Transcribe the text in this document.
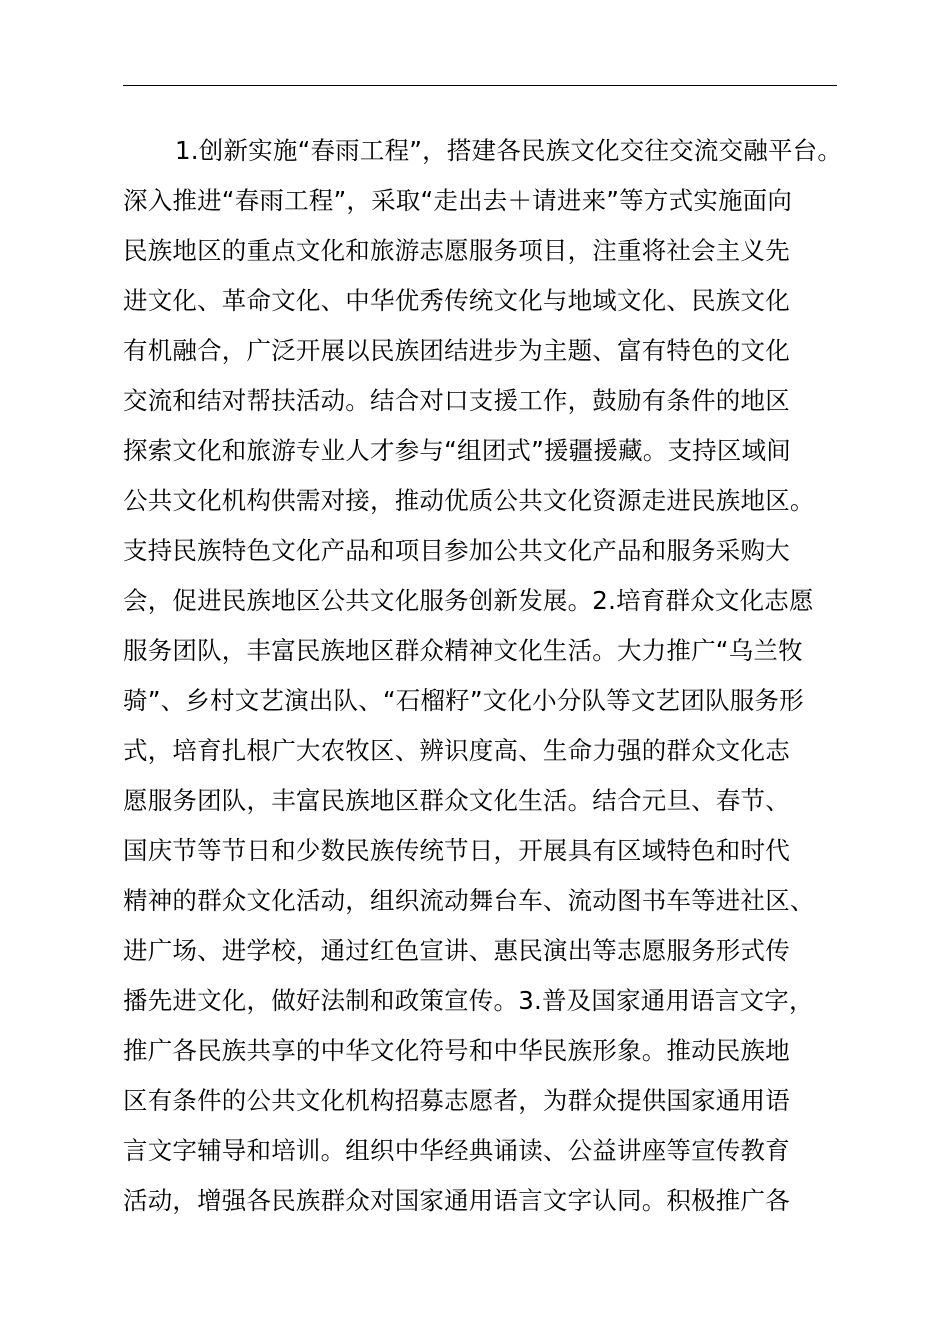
1.创新实施“春雨工程”，搭建各民族文化交往交流交融平台。
深入推进“春雨工程”，采取“走出去＋请进来”等方式实施面向
民族地区的重点文化和旅游志愿服务项目，注重将社会主义先
进文化、革命文化、中华优秀传统文化与地域文化、民族文化
有机融合，广泛开展以民族团结进步为主题、富有特色的文化
交流和结对帮扶活动。结合对口支援工作，鼓励有条件的地区
探索文化和旅游专业人才参与“组团式”援疆援藏。支持区域间
公共文化机构供需对接，推动优质公共文化资源走进民族地区。
支持民族特色文化产品和项目参加公共文化产品和服务采购大
会，促进民族地区公共文化服务创新发展。2.培育群众文化志愿
服务团队，丰富民族地区群众精神文化生活。大力推广“乌兰牧
骑”、乡村文艺演出队、“石榴籽”文化小分队等文艺团队服务形
式，培育扎根广大农牧区、辨识度高、生命力强的群众文化志
愿服务团队，丰富民族地区群众文化生活。结合元旦、春节、
国庆节等节日和少数民族传统节日，开展具有区域特色和时代
精神的群众文化活动，组织流动舞台车、流动图书车等进社区、
进广场、进学校，通过红色宣讲、惠民演出等志愿服务形式传
播先进文化，做好法制和政策宣传。3.普及国家通用语言文字，
推广各民族共享的中华文化符号和中华民族形象。推动民族地
区有条件的公共文化机构招募志愿者，为群众提供国家通用语
言文字辅导和培训。组织中华经典诵读、公益讲座等宣传教育
活动，增强各民族群众对国家通用语言文字认同。积极推广各
